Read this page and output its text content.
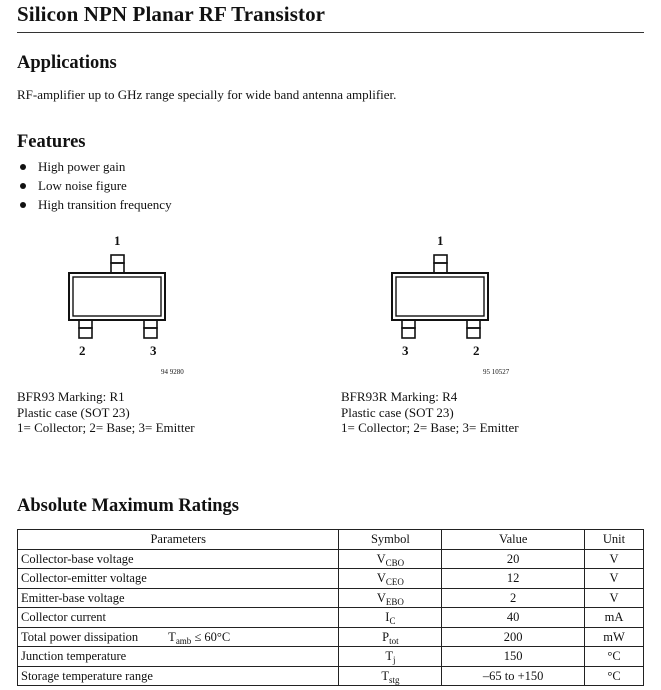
Silicon NPN Planar RF Transistor
Applications
RF-amplifier up to GHz range specially for wide band antenna amplifier.
Features
High power gain
Low noise figure
High transition frequency
1
2	3
94 9280
BFR93 Marking: R1
Plastic case (SOT 23)
1= Collector; 2= Base; 3= Emitter
1
3	2
95 10527
BFR93R Marking: R4
Plastic case (SOT 23)
1= Collector; 2= Base; 3= Emitter
Absolute Maximum Ratings
Parameters	Symbol	Value	Unit
Collector-base voltage	$V_{CBO}$	20	V
Collector-emitter voltage	$V_{CEO}$	12	V
Emitter-base voltage	$V_{EBO}$	2	V
Collector current	$I_C$	40	mA
Total power dissipation $T_{amb} \le 60^\circ C$	$P_{tot}$	200	mW
Junction temperature	$T_j$	150	°C
Storage temperature range	$T_{stg}$	–65 to +150	°C
